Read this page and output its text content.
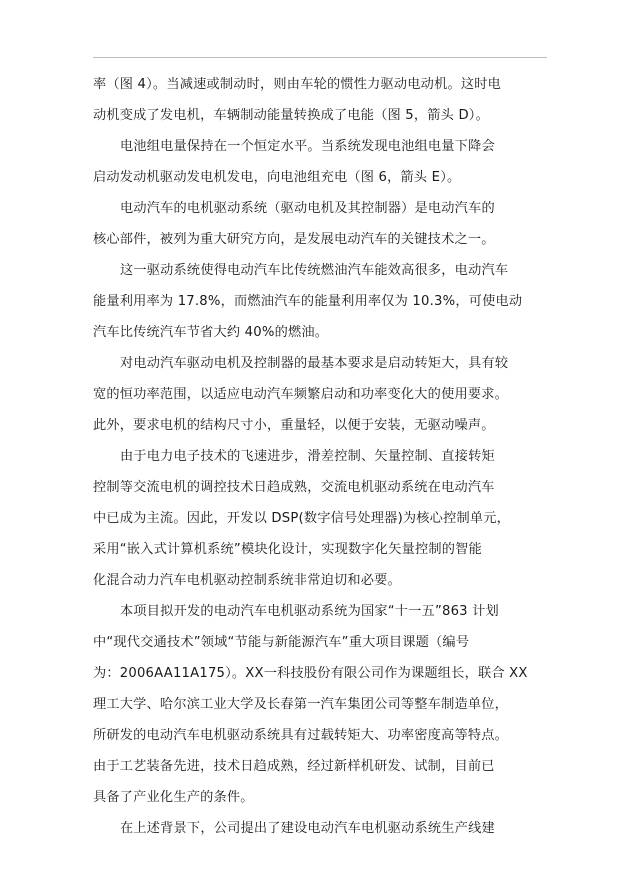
率（图 4）。当减速或制动时，则由车轮的惯性力驱动电动机。这时电
动机变成了发电机，车辆制动能量转换成了电能（图 5，箭头 D）。
电池组电量保持在一个恒定水平。当系统发现电池组电量下降会
启动发动机驱动发电机发电，向电池组充电（图 6，箭头 E）。
电动汽车的电机驱动系统（驱动电机及其控制器）是电动汽车的
核心部件，被列为重大研究方向，是发展电动汽车的关键技术之一。
这一驱动系统使得电动汽车比传统燃油汽车能效高很多，电动汽车
能量利用率为 17.8%，而燃油汽车的能量利用率仅为 10.3%，可使电动
汽车比传统汽车节省大约 40%的燃油。
对电动汽车驱动电机及控制器的最基本要求是启动转矩大，具有较
宽的恒功率范围，以适应电动汽车频繁启动和功率变化大的使用要求。
此外，要求电机的结构尺寸小，重量轻，以便于安装，无驱动噪声。
由于电力电子技术的飞速进步，滑差控制、矢量控制、直接转矩
控制等交流电机的调控技术日趋成熟，交流电机驱动系统在电动汽车
中已成为主流。因此，开发以 DSP(数字信号处理器)为核心控制单元，
采用“嵌入式计算机系统”模块化设计，实现数字化矢量控制的智能
化混合动力汽车电机驱动控制系统非常迫切和必要。
本项目拟开发的电动汽车电机驱动系统为国家“十一五”863 计划
中“现代交通技术”领域“节能与新能源汽车”重大项目课题（编号
为：2006AA11A175）。XX一科技股份有限公司作为课题组长，联合 XX
理工大学、哈尔滨工业大学及长春第一汽车集团公司等整车制造单位，
所研发的电动汽车电机驱动系统具有过载转矩大、功率密度高等特点。
由于工艺装备先进，技术日趋成熟，经过新样机研发、试制，目前已
具备了产业化生产的条件。
在上述背景下，公司提出了建设电动汽车电机驱动系统生产线建
